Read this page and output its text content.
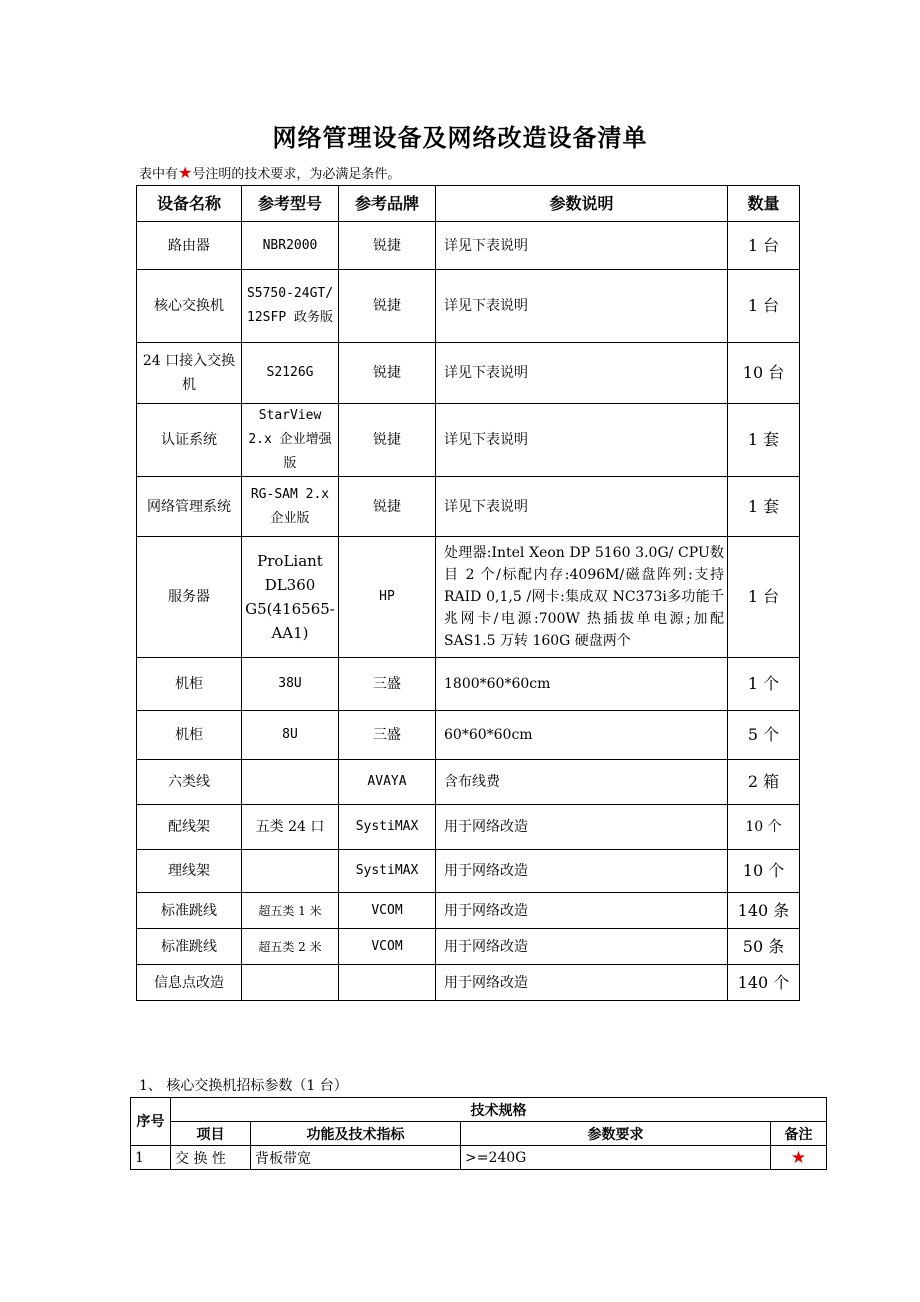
网络管理设备及网络改造设备清单
表中有★号注明的技术要求，为必满足条件。
设备名称	参考型号	参考品牌	参数说明	数量
路由器	NBR2000	锐捷	详见下表说明	1 台
核心交换机	S5750-24GT/12SFP 政务版	锐捷	详见下表说明	1 台
24 口接入交换机	S2126G	锐捷	详见下表说明	10 台
认证系统	StarView 2.x 企业增强版	锐捷	详见下表说明	1 套
网络管理系统	RG-SAM 2.x 企业版	锐捷	详见下表说明	1 套
服务器	ProLiant DL360 G5(416565-AA1)	HP	处理器:Intel Xeon DP 5160 3.0G/ CPU数目 2 个/标配内存:4096M/磁盘阵列:支持 RAID 0,1,5 /网卡:集成双 NC373i多功能千兆网卡/电源:700W 热插拔单电源;加配 SAS1.5 万转 160G 硬盘两个	1 台
机柜	38U	三盛	1800*60*60cm	1 个
机柜	8U	三盛	60*60*60cm	5 个
六类线		AVAYA	含布线费	2 箱
配线架	五类 24 口	SystiMAX	用于网络改造	10 个
理线架		SystiMAX	用于网络改造	10 个
标准跳线	超五类 1 米	VCOM	用于网络改造	140 条
标准跳线	超五类 2 米	VCOM	用于网络改造	50 条
信息点改造			用于网络改造	140 个
1、 核心交换机招标参数（1 台）
序号	技术规格			
	项目	功能及技术指标	参数要求	备注
1	交 换 性	背板带宽	>=240G	★
